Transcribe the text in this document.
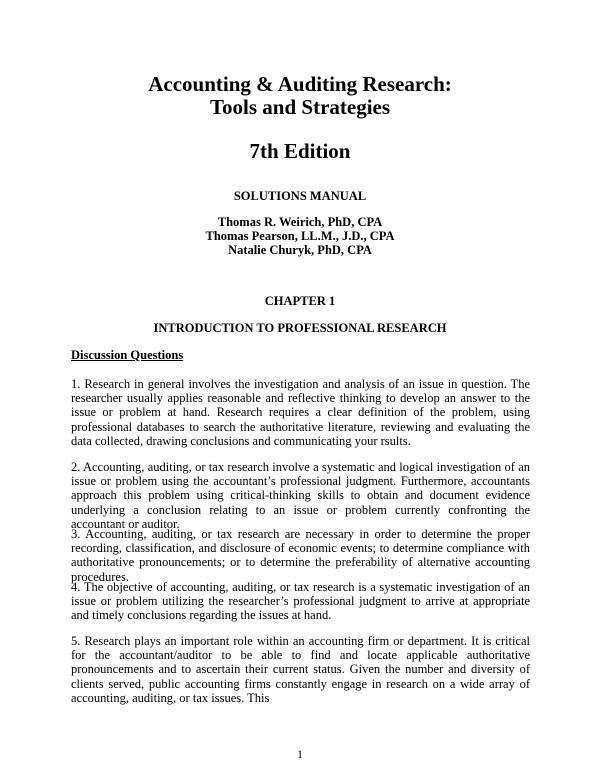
Accounting & Auditing Research:
Tools and Strategies
7th Edition
SOLUTIONS MANUAL
Thomas R. Weirich, PhD, CPA
Thomas Pearson, LL.M., J.D., CPA
Natalie Churyk, PhD, CPA
CHAPTER 1
INTRODUCTION TO PROFESSIONAL RESEARCH
Discussion Questions
1. Research in general involves the investigation and analysis of an issue in question. The researcher usually applies reasonable and reflective thinking to develop an answer to the issue or problem at hand. Research requires a clear definition of the problem, using professional databases to search the authoritative literature, reviewing and evaluating the data collected, drawing conclusions and communicating your rsults.
2. Accounting, auditing, or tax research involve a systematic and logical investigation of an issue or problem using the accountant’s professional judgment. Furthermore, accountants approach this problem using critical-thinking skills to obtain and document evidence underlying a conclusion relating to an issue or problem currently confronting the accountant or auditor.
3. Accounting, auditing, or tax research are necessary in order to determine the proper recording, classification, and disclosure of economic events; to determine compliance with authoritative pronouncements; or to determine the preferability of alternative accounting procedures.
4. The objective of accounting, auditing, or tax research is a systematic investigation of an issue or problem utilizing the researcher’s professional judgment to arrive at appropriate and timely conclusions regarding the issues at hand.
5. Research plays an important role within an accounting firm or department. It is critical for the accountant/auditor to be able to find and locate applicable authoritative pronouncements and to ascertain their current status. Given the number and diversity of clients served, public accounting firms constantly engage in research on a wide array of accounting, auditing, or tax issues. This
1
